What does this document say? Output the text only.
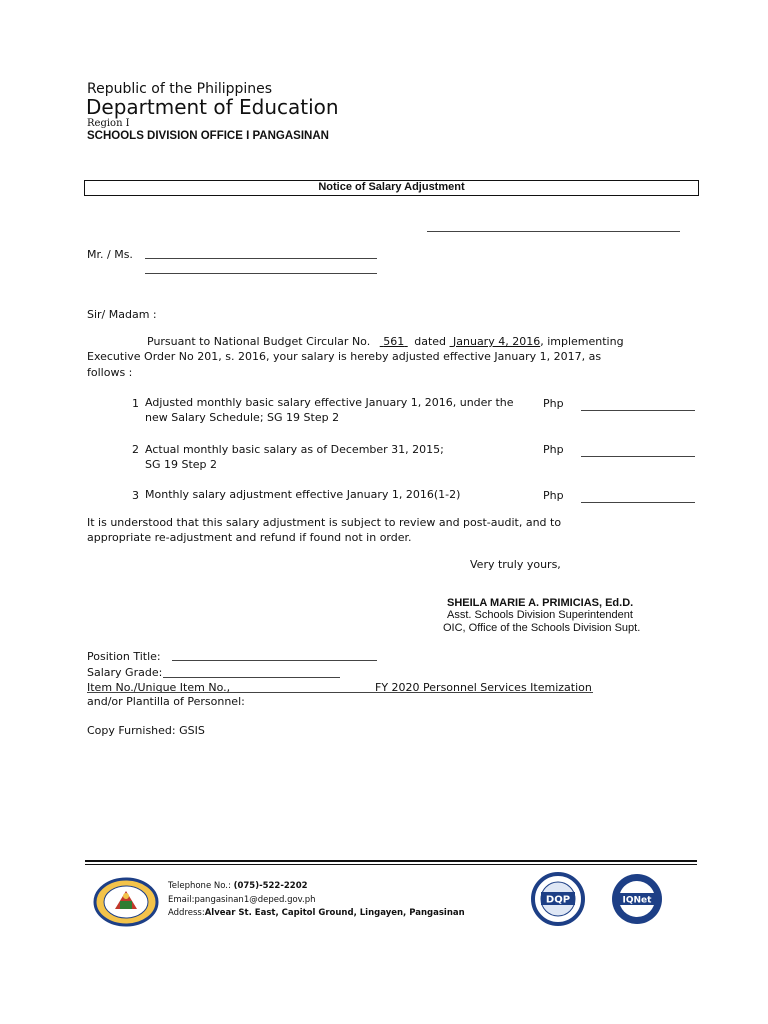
Republic of the Philippines
Department of Education
Region I
SCHOOLS DIVISION OFFICE I PANGASINAN
Notice of Salary Adjustment
Mr. / Ms.
Sir/ Madam :
Pursuant to National Budget Circular No. 561 dated January 4, 2016, implementing
Executive Order No 201, s. 2016, your salary is hereby adjusted effective January 1, 2017, as
follows :
1 Adjusted monthly basic salary effective January 1, 2016, under the
new Salary Schedule; SG 19 Step 2
Php
2 Actual monthly basic salary as of December 31, 2015;
SG 19 Step 2
Php
3 Monthly salary adjustment effective January 1, 2016(1-2)	Php
It is understood that this salary adjustment is subject to review and post-audit, and to
appropriate re-adjustment and refund if found not in order.
Very truly yours,
SHEILA MARIE A. PRIMICIAS, Ed.D.
Asst. Schools Division Superintendent
OIC, Office of the Schools Division Supt.
Position Title:
Salary Grade:
Item No./Unique Item No.,	FY 2020 Personnel Services Itemization
and/or Plantilla of Personnel:
Copy Furnished: GSIS
Telephone No.: (075)-522-2202
Email:pangasinan1@deped.gov.ph
Address:Alvear St. East, Capitol Ground, Lingayen, Pangasinan
DQP	IQNet
